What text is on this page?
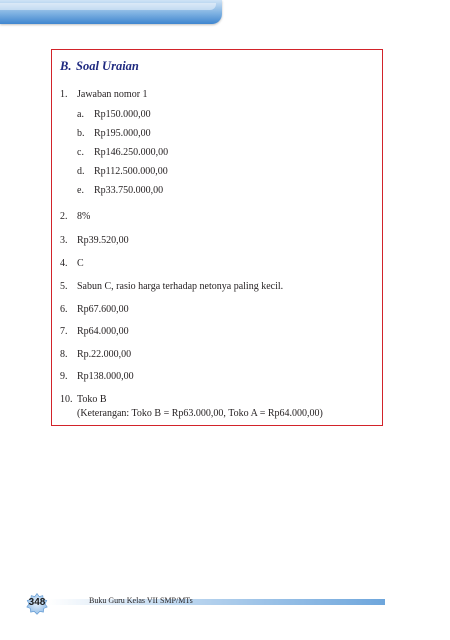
B. Soal Uraian
1. Jawaban nomor 1
a. Rp150.000,00
b. Rp195.000,00
c. Rp146.250.000,00
d. Rp112.500.000,00
e. Rp33.750.000,00
2. 8%
3. Rp39.520,00
4. C
5. Sabun C, rasio harga terhadap netonya paling kecil.
6. Rp67.600,00
7. Rp64.000,00
8. Rp.22.000,00
9. Rp138.000,00
10. Toko B
(Keterangan: Toko B = Rp63.000,00, Toko A = Rp64.000,00)
348	Buku Guru Kelas VII SMP/MTs
